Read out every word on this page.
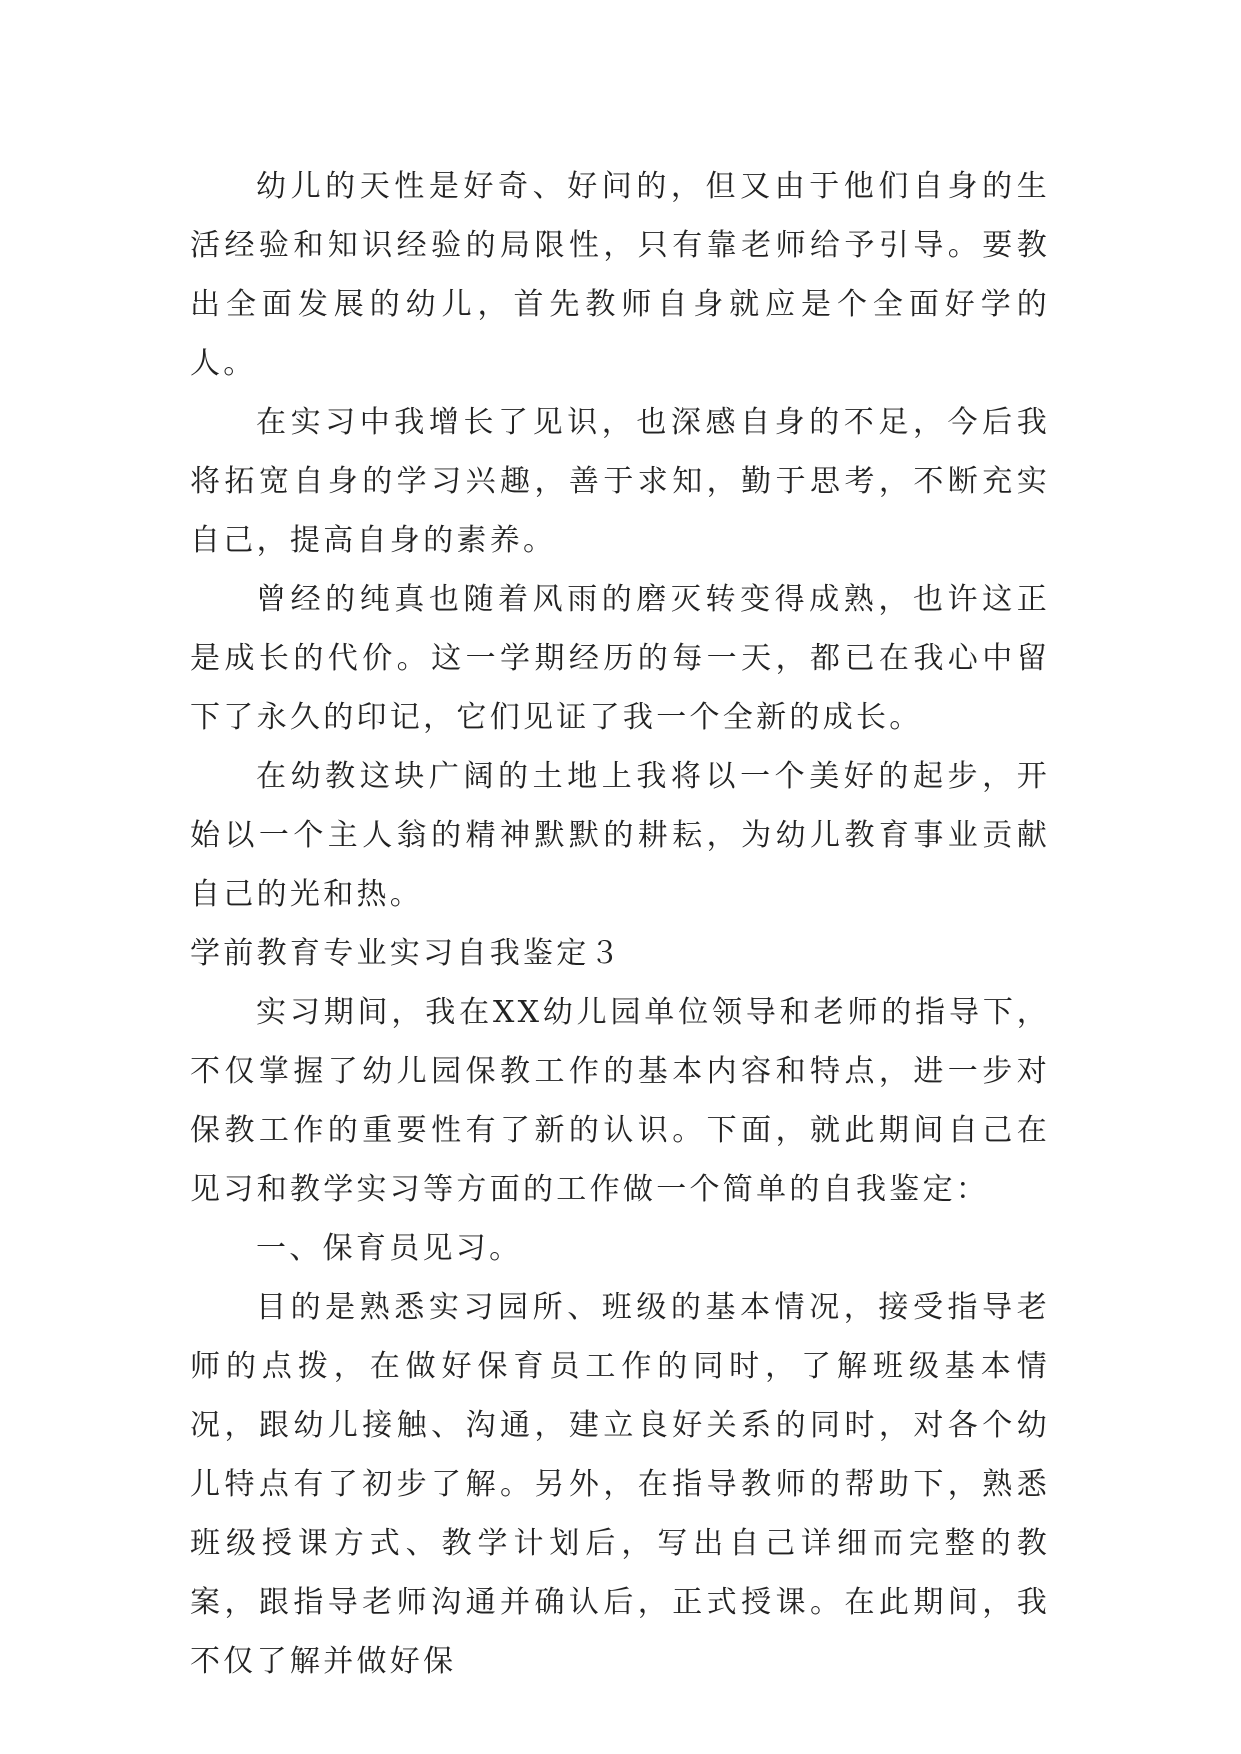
幼儿的天性是好奇、好问的，但又由于他们自身的生活经验和知识经验的局限性，只有靠老师给予引导。要教出全面发展的幼儿，首先教师自身就应是个全面好学的人。

在实习中我增长了见识，也深感自身的不足，今后我将拓宽自身的学习兴趣，善于求知，勤于思考，不断充实自己，提高自身的素养。

曾经的纯真也随着风雨的磨灭转变得成熟，也许这正是成长的代价。这一学期经历的每一天，都已在我心中留下了永久的印记，它们见证了我一个全新的成长。

在幼教这块广阔的土地上我将以一个美好的起步，开始以一个主人翁的精神默默的耕耘，为幼儿教育事业贡献自己的光和热。

学前教育专业实习自我鉴定３

实习期间，我在XX幼儿园单位领导和老师的指导下，不仅掌握了幼儿园保教工作的基本内容和特点，进一步对保教工作的重要性有了新的认识。下面，就此期间自己在见习和教学实习等方面的工作做一个简单的自我鉴定：

一、保育员见习。

目的是熟悉实习园所、班级的基本情况，接受指导老师的点拨，在做好保育员工作的同时，了解班级基本情况，跟幼儿接触、沟通，建立良好关系的同时，对各个幼儿特点有了初步了解。另外，在指导教师的帮助下，熟悉班级授课方式、教学计划后，写出自己详细而完整的教案，跟指导老师沟通并确认后，正式授课。在此期间，我不仅了解并做好保
